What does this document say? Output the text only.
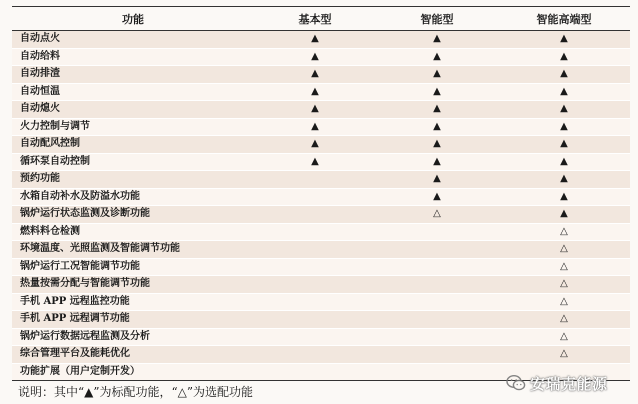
功能	基本型	智能型	智能高端型
自动点火	▲	▲	▲
自动给料	▲	▲	▲
自动排渣	▲	▲	▲
自动恒温	▲	▲	▲
自动熄火	▲	▲	▲
火力控制与调节	▲	▲	▲
自动配风控制	▲	▲	▲
循环泵自动控制	▲	▲	▲
预约功能		▲	▲
水箱自动补水及防溢水功能		▲	▲
锅炉运行状态监测及诊断功能		△	▲
燃料料仓检测			△
环境温度、光照监测及智能调节功能			△
锅炉运行工况智能调节功能			△
热量按需分配与智能调节功能			△
手机 APP 远程监控功能			△
手机 APP 远程调节功能			△
锅炉运行数据远程监测及分析			△
综合管理平台及能耗优化			△
功能扩展（用户定制开发）			
说明：其中“▲”为标配功能，“△”为选配功能	安瑞克能源
